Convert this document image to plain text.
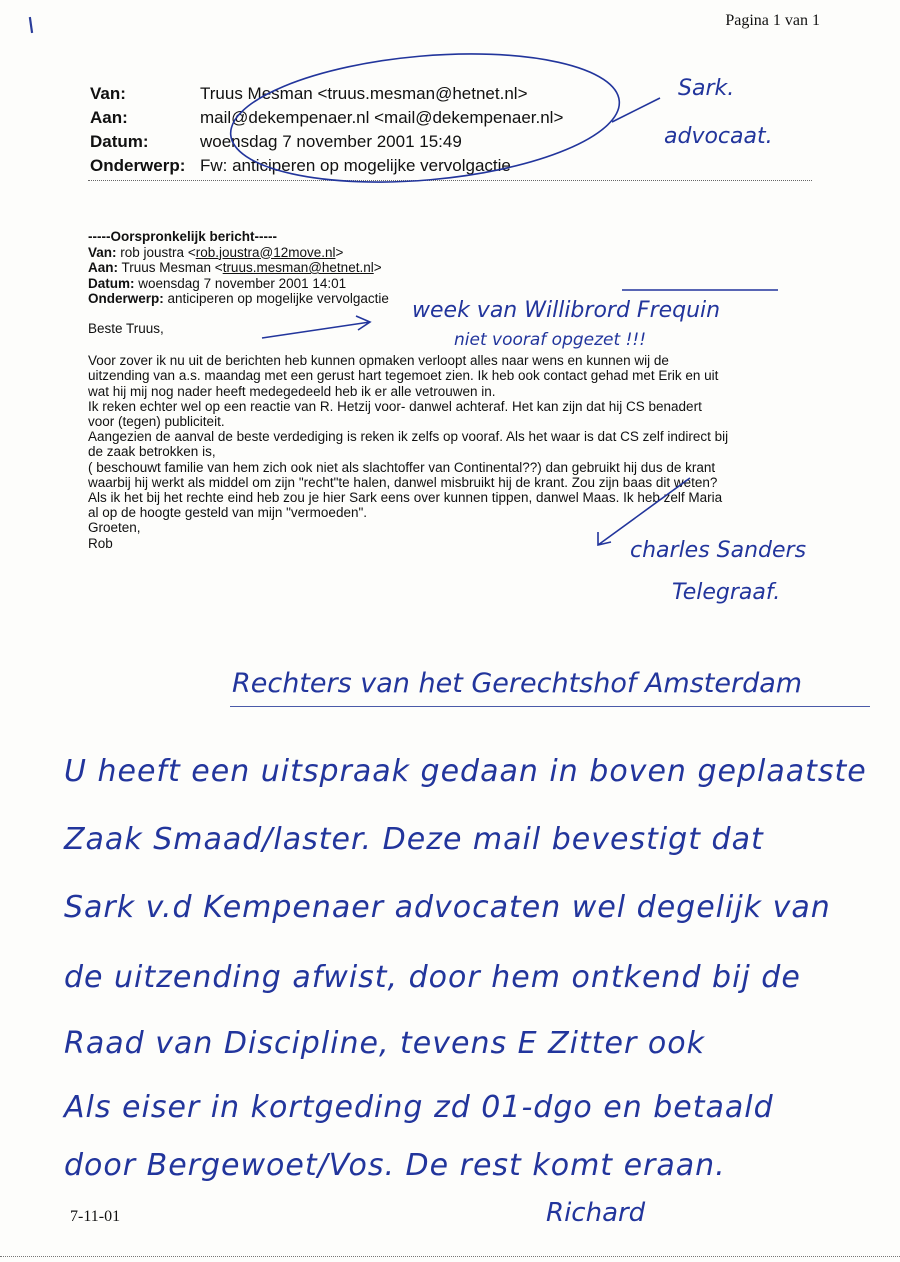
Pagina 1 van 1
I
Van:	Truus Mesman <truus.mesman@hetnet.nl>
Aan:	mail@dekempenaer.nl <mail@dekempenaer.nl>
Datum:	woensdag 7 november 2001 15:49
Onderwerp: Fw: anticiperen op mogelijke vervolgactie
-----Oorspronkelijk bericht-----
Van: rob joustra <rob.joustra@12move.nl>
Aan: Truus Mesman <truus.mesman@hetnet.nl>
Datum: woensdag 7 november 2001 14:01
Onderwerp: anticiperen op mogelijke vervolgactie
Beste Truus,
Voor zover ik nu uit de berichten heb kunnen opmaken verloopt alles naar wens en kunnen wij de
uitzending van a.s. maandag met een gerust hart tegemoet zien. Ik heb ook contact gehad met Erik en uit
wat hij mij nog nader heeft medegedeeld heb ik er alle vetrouwen in.
Ik reken echter wel op een reactie van R. Hetzij voor- danwel achteraf. Het kan zijn dat hij CS benadert
voor (tegen) publiciteit.
Aangezien de aanval de beste verdediging is reken ik zelfs op vooraf. Als het waar is dat CS zelf indirect bij
de zaak betrokken is,
( beschouwt familie van hem zich ook niet als slachtoffer van Continental??) dan gebruikt hij dus de krant
waarbij hij werkt als middel om zijn "recht"te halen, danwel misbruikt hij de krant. Zou zijn baas dit weten?
Als ik het bij het rechte eind heb zou je hier Sark eens over kunnen tippen, danwel Maas. Ik heb zelf Maria
al op de hoogte gesteld van mijn "vermoeden".
Groeten,
Rob
Sark.
advocaat.
week van Willibrord Frequin
niet vooraf opgezet !!!
charles Sanders
Telegraaf.
Rechters van het Gerechtshof Amsterdam
U heeft een uitspraak gedaan in boven geplaatste
Zaak Smaad/laster. Deze mail bevestigt dat
Sark v.d Kempenaer advocaten wel degelijk van
de uitzending afwist, door hem ontkend bij de
Raad van Discipline, tevens E Zitter ook
Als eiser in kortgeding zd 01-dgo en betaald
door Bergewoet/Vos. De rest komt eraan.
Richard
7-11-01
